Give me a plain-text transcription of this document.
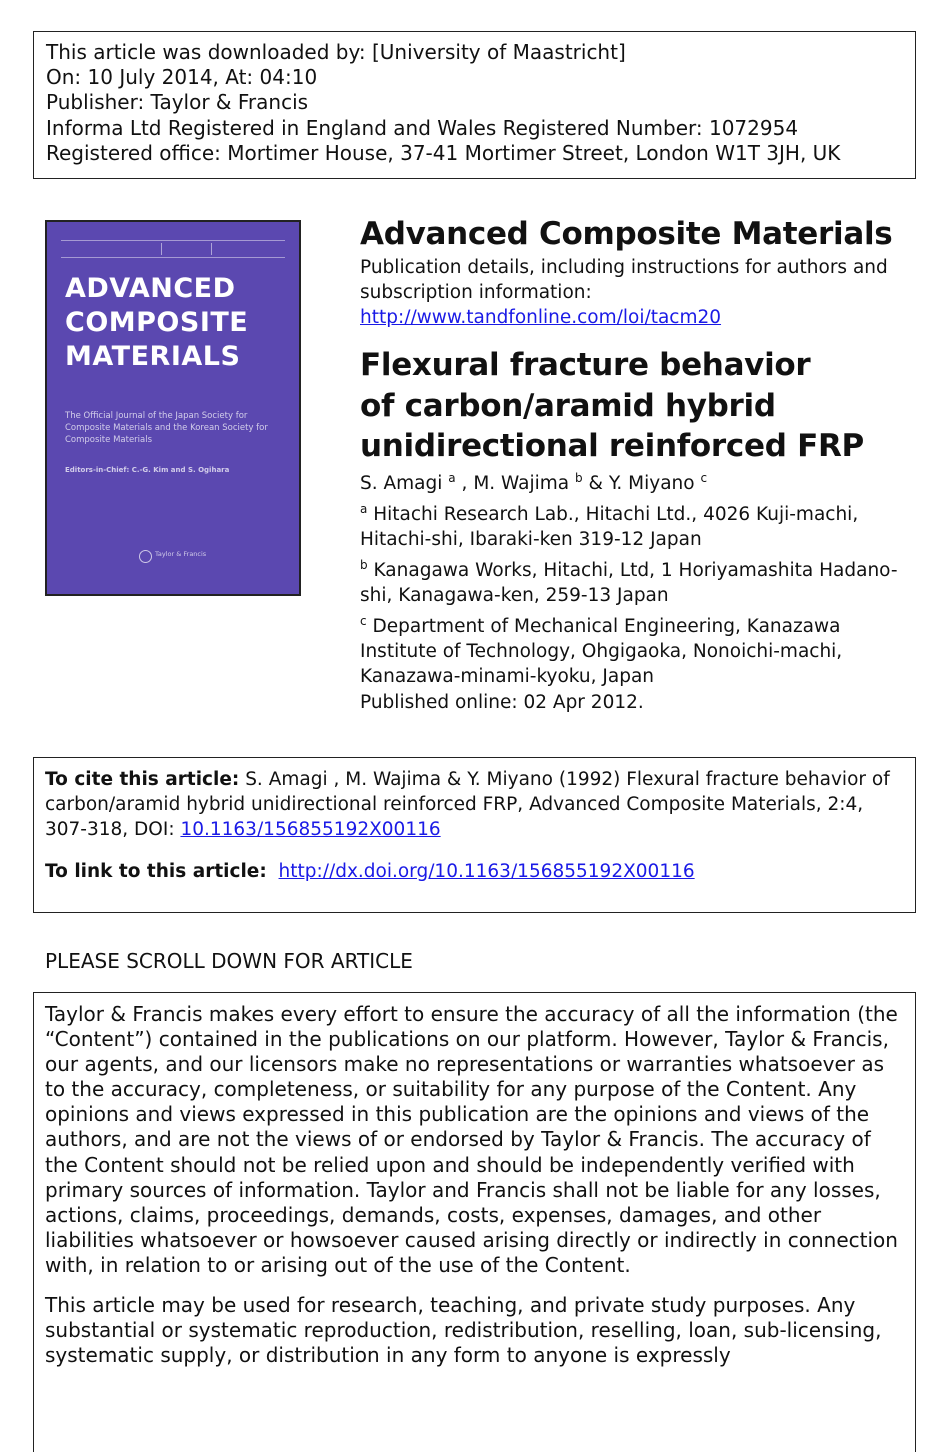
This article was downloaded by: [University of Maastricht]
On: 10 July 2014, At: 04:10
Publisher: Taylor & Francis
Informa Ltd Registered in England and Wales Registered Number: 1072954
Registered office: Mortimer House, 37-41 Mortimer Street, London W1T 3JH, UK
ADVANCED
COMPOSITE
MATERIALS
The Official Journal of the Japan Society for Composite Materials and the Korean Society for Composite Materials
Editors-in-Chief: C.-G. Kim and S. Ogihara
Taylor & Francis
Advanced Composite Materials
Publication details, including instructions for authors and subscription information:
http://www.tandfonline.com/loi/tacm20
Flexural fracture behavior
of carbon/aramid hybrid
unidirectional reinforced FRP
S. Amagi $^a$ , M. Wajima $^b$ & Y. Miyano $^c$
$^a$ Hitachi Research Lab., Hitachi Ltd., 4026 Kuji-machi, Hitachi-shi, Ibaraki-ken 319-12 Japan
$^b$ Kanagawa Works, Hitachi, Ltd, 1 Horiyamashita Hadano-shi, Kanagawa-ken, 259-13 Japan
$^c$ Department of Mechanical Engineering, Kanazawa Institute of Technology, Ohgigaoka, Nonoichi-machi, Kanazawa-minami-kyoku, Japan
Published online: 02 Apr 2012.
To cite this article: S. Amagi , M. Wajima & Y. Miyano (1992) Flexural fracture behavior of carbon/aramid hybrid unidirectional reinforced FRP, Advanced Composite Materials, 2:4, 307-318, DOI: 10.1163/156855192X00116
To link to this article: http://dx.doi.org/10.1163/156855192X00116
PLEASE SCROLL DOWN FOR ARTICLE

Taylor & Francis makes every effort to ensure the accuracy of all the information (the “Content”) contained in the publications on our platform. However, Taylor & Francis, our agents, and our licensors make no representations or warranties whatsoever as to the accuracy, completeness, or suitability for any purpose of the Content. Any opinions and views expressed in this publication are the opinions and views of the authors, and are not the views of or endorsed by Taylor & Francis. The accuracy of the Content should not be relied upon and should be independently verified with primary sources of information. Taylor and Francis shall not be liable for any losses, actions, claims, proceedings, demands, costs, expenses, damages, and other liabilities whatsoever or howsoever caused arising directly or indirectly in connection with, in relation to or arising out of the use of the Content.

This article may be used for research, teaching, and private study purposes. Any substantial or systematic reproduction, redistribution, reselling, loan, sub-licensing, systematic supply, or distribution in any form to anyone is expressly
